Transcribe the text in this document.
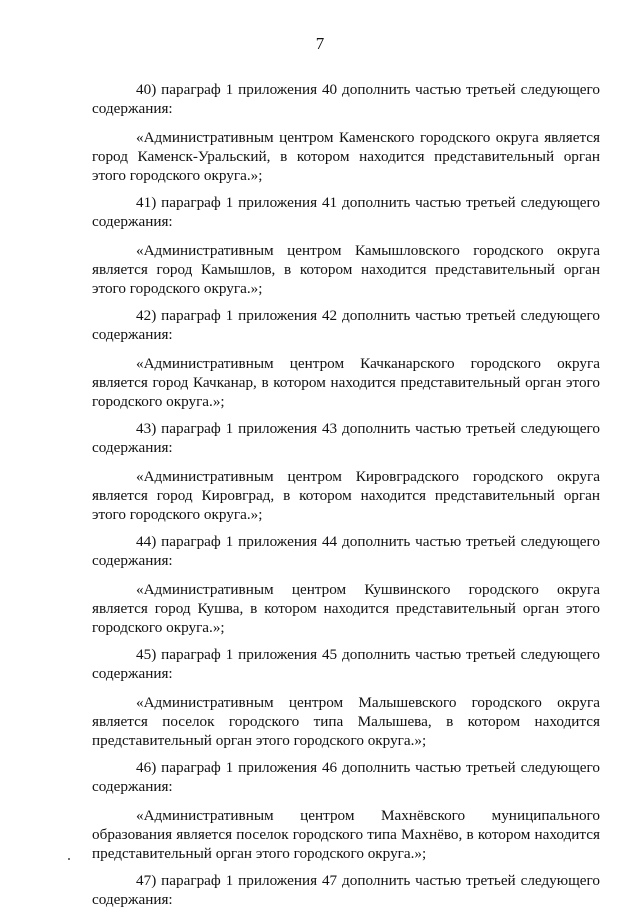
7

40) параграф 1 приложения 40 дополнить частью третьей следующего содержания:

«Административным центром Каменского городского округа является город Каменск-Уральский, в котором находится представительный орган этого городского округа.»;

41) параграф 1 приложения 41 дополнить частью третьей следующего содержания:

«Административным центром Камышловского городского округа является город Камышлов, в котором находится представительный орган этого городского округа.»;

42) параграф 1 приложения 42 дополнить частью третьей следующего содержания:

«Административным центром Качканарского городского округа является город Качканар, в котором находится представительный орган этого городского округа.»;

43) параграф 1 приложения 43 дополнить частью третьей следующего содержания:

«Административным центром Кировградского городского округа является город Кировград, в котором находится представительный орган этого городского округа.»;

44) параграф 1 приложения 44 дополнить частью третьей следующего содержания:

«Административным центром Кушвинского городского округа является город Кушва, в котором находится представительный орган этого городского округа.»;

45) параграф 1 приложения 45 дополнить частью третьей следующего содержания:

«Административным центром Малышевского городского округа является поселок городского типа Малышева, в котором находится представительный орган этого городского округа.»;

46) параграф 1 приложения 46 дополнить частью третьей следующего содержания:

«Административным центром Махнёвского муниципального образования является поселок городского типа Махнёво, в котором находится представительный орган этого городского округа.»;

47) параграф 1 приложения 47 дополнить частью третьей следующего содержания:
